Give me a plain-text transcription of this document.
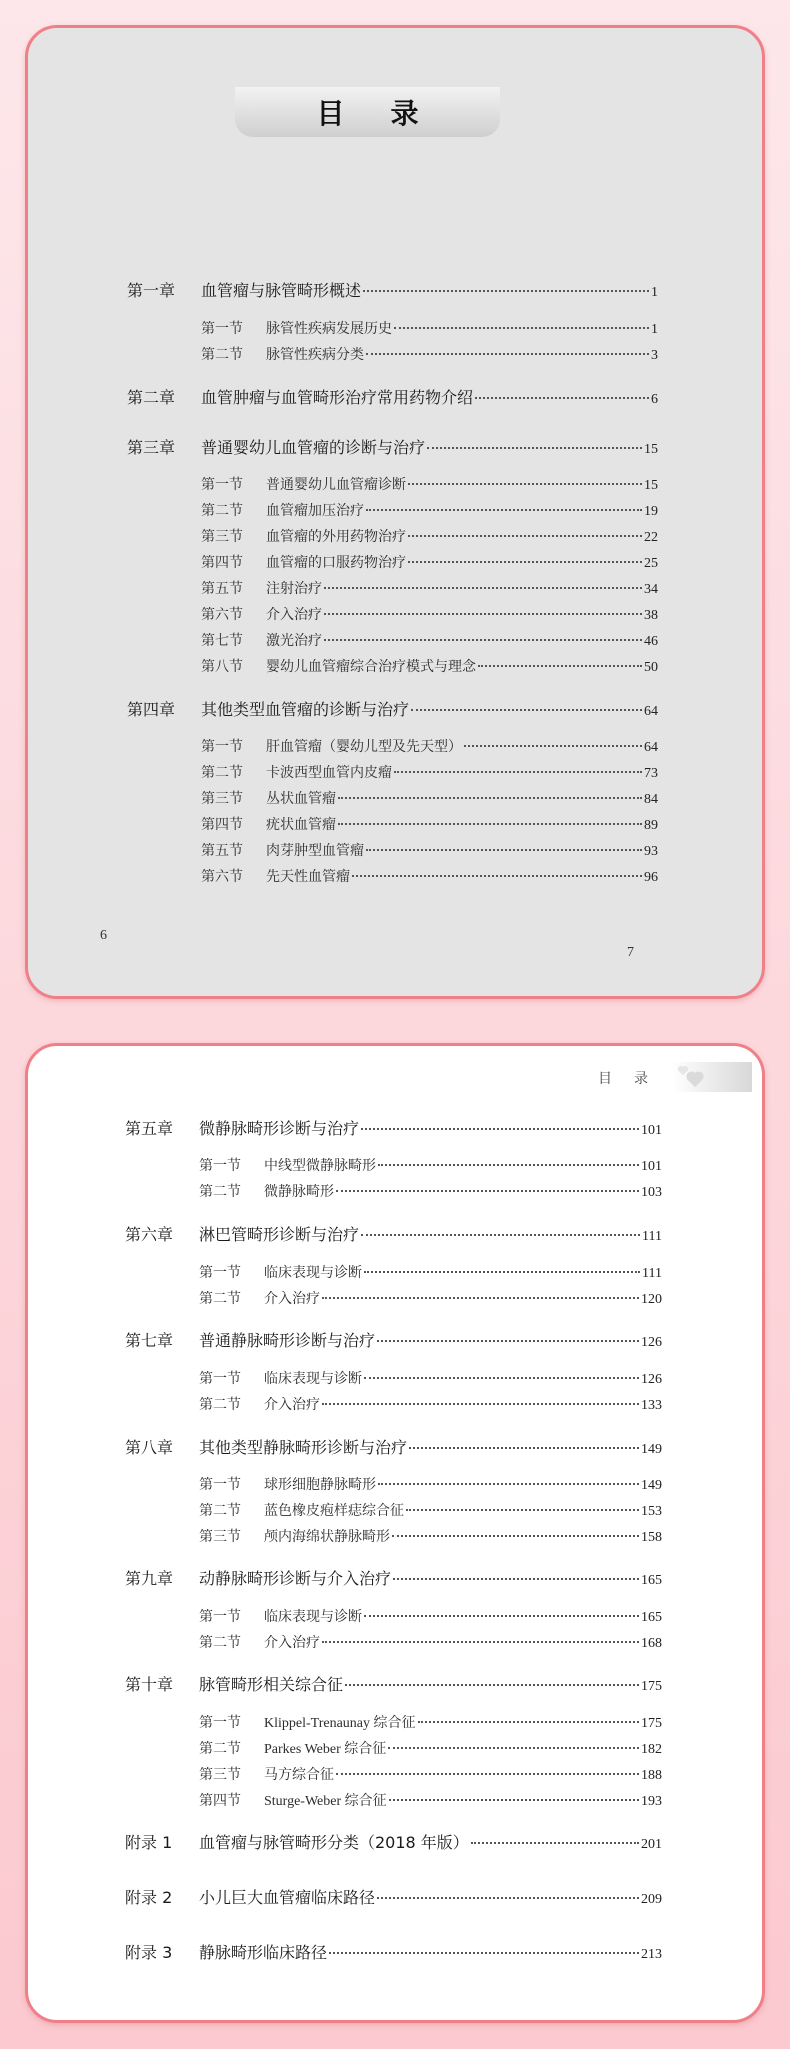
目录
第一章	血管瘤与脉管畸形概述	1
第一节	脉管性疾病发展历史	1
第二节	脉管性疾病分类	3
第二章	血管肿瘤与血管畸形治疗常用药物介绍	6
第三章	普通婴幼儿血管瘤的诊断与治疗	15
第一节	普通婴幼儿血管瘤诊断	15
第二节	血管瘤加压治疗	19
第三节	血管瘤的外用药物治疗	22
第四节	血管瘤的口服药物治疗	25
第五节	注射治疗	34
第六节	介入治疗	38
第七节	激光治疗	46
第八节	婴幼儿血管瘤综合治疗模式与理念	50
第四章	其他类型血管瘤的诊断与治疗	64
第一节	肝血管瘤（婴幼儿型及先天型）	64
第二节	卡波西型血管内皮瘤	73
第三节	丛状血管瘤	84
第四节	疣状血管瘤	89
第五节	肉芽肿型血管瘤	93
第六节	先天性血管瘤	96
6
目录
第五章	微静脉畸形诊断与治疗	101
第一节	中线型微静脉畸形	101
第二节	微静脉畸形	103
第六章	淋巴管畸形诊断与治疗	111
第一节	临床表现与诊断	111
第二节	介入治疗	120
第七章	普通静脉畸形诊断与治疗	126
第一节	临床表现与诊断	126
第二节	介入治疗	133
第八章	其他类型静脉畸形诊断与治疗	149
第一节	球形细胞静脉畸形	149
第二节	蓝色橡皮疱样痣综合征	153
第三节	颅内海绵状静脉畸形	158
第九章	动静脉畸形诊断与介入治疗	165
第一节	临床表现与诊断	165
第二节	介入治疗	168
第十章	脉管畸形相关综合征	175
第一节	Klippel-Trenaunay 综合征	175
第二节	Parkes Weber 综合征	182
第三节	马方综合征	188
第四节	Sturge-Weber 综合征	193
附录 1	血管瘤与脉管畸形分类（2018 年版）	201
附录 2	小儿巨大血管瘤临床路径	209
附录 3	静脉畸形临床路径	213
7
